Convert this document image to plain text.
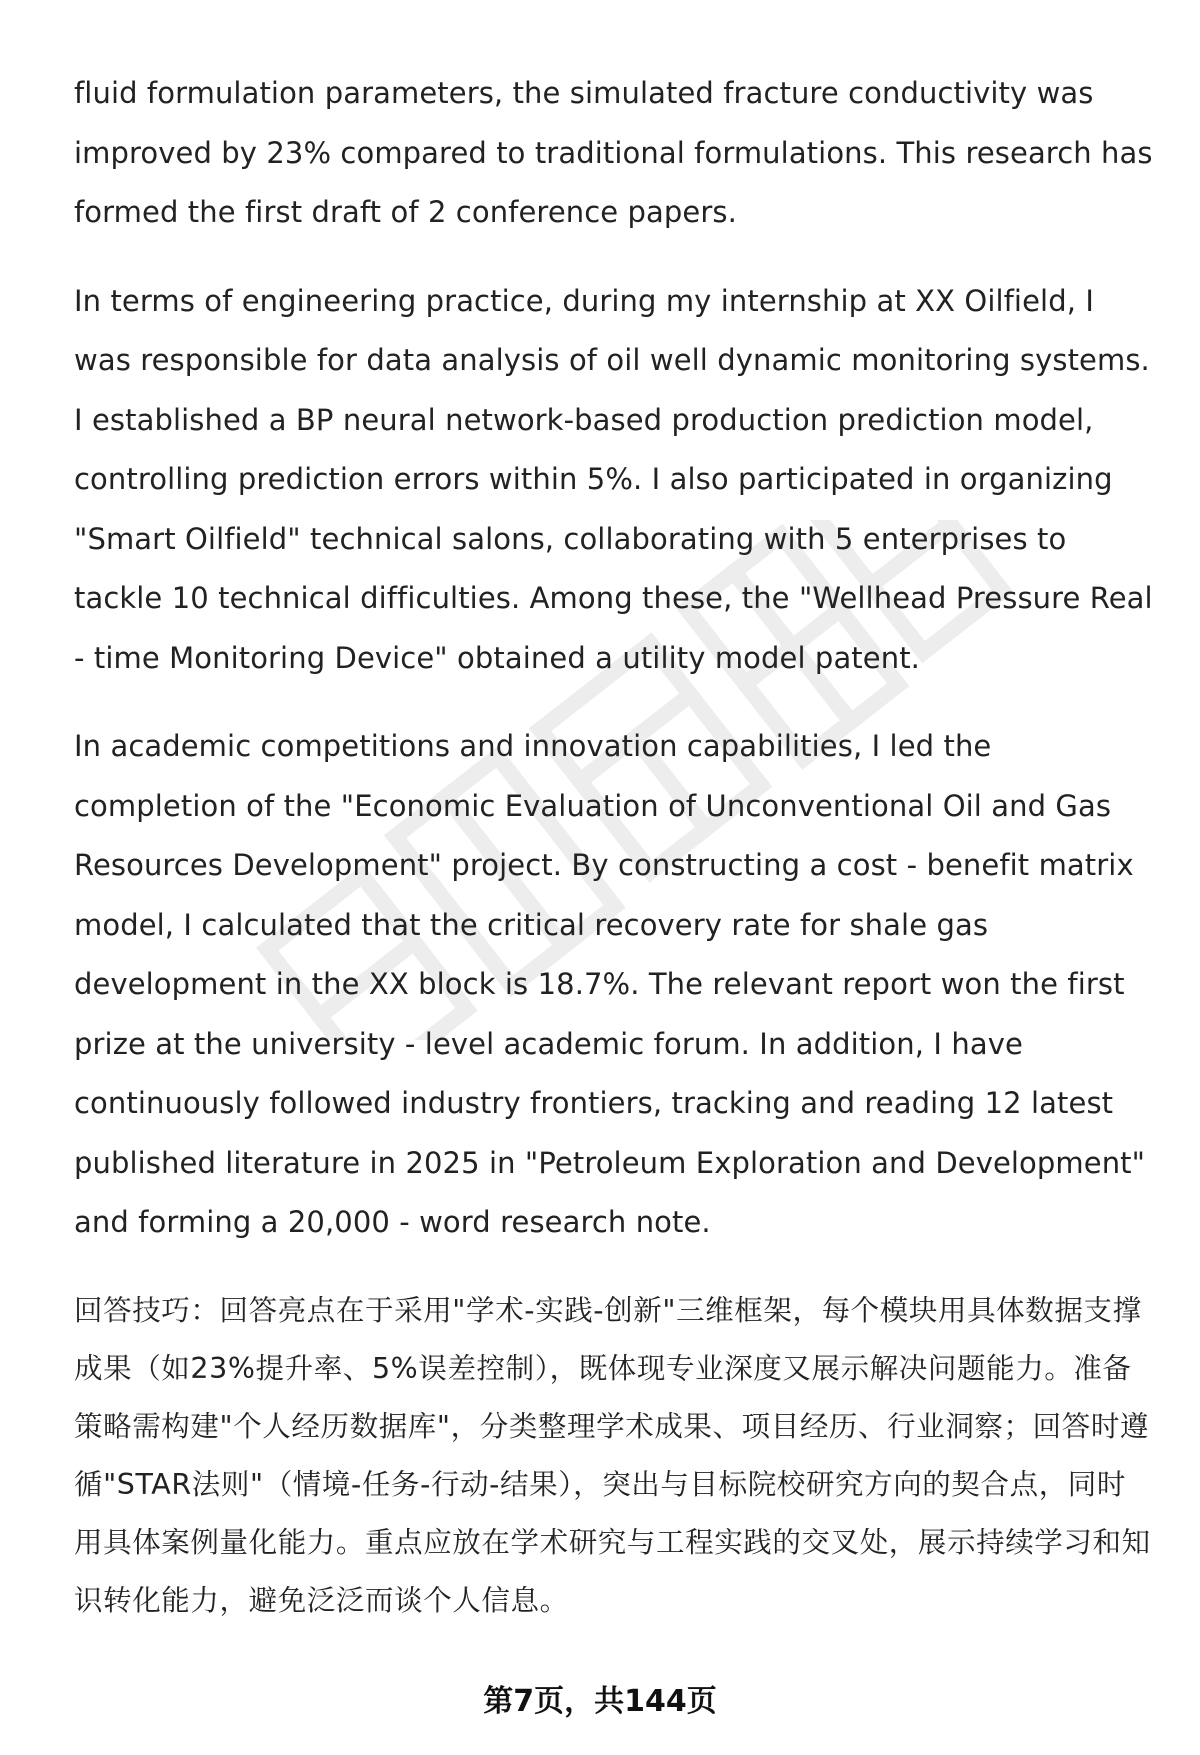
fluid formulation parameters, the simulated fracture conductivity was improved by 23% compared to traditional formulations. This research has formed the first draft of 2 conference papers.

In terms of engineering practice, during my internship at XX Oilfield, I was responsible for data analysis of oil well dynamic monitoring systems. I established a BP neural network-based production prediction model, controlling prediction errors within 5%. I also participated in organizing "Smart Oilfield" technical salons, collaborating with 5 enterprises to tackle 10 technical difficulties. Among these, the "Wellhead Pressure Real - time Monitoring Device" obtained a utility model patent.

In academic competitions and innovation capabilities, I led the completion of the "Economic Evaluation of Unconventional Oil and Gas Resources Development" project. By constructing a cost - benefit matrix model, I calculated that the critical recovery rate for shale gas development in the XX block is 18.7%. The relevant report won the first prize at the university - level academic forum. In addition, I have continuously followed industry frontiers, tracking and reading 12 latest published literature in 2025 in "Petroleum Exploration and Development" and forming a 20,000 - word research note.

回答技巧：回答亮点在于采用"学术-实践-创新"三维框架，每个模块用具体数据支撑成果（如23%提升率、5%误差控制），既体现专业深度又展示解决问题能力。准备策略需构建"个人经历数据库"，分类整理学术成果、项目经历、行业洞察；回答时遵循"STAR法则"（情境-任务-行动-结果），突出与目标院校研究方向的契合点，同时用具体案例量化能力。重点应放在学术研究与工程实践的交叉处，展示持续学习和知识转化能力，避免泛泛而谈个人信息。

第7页，共144页
